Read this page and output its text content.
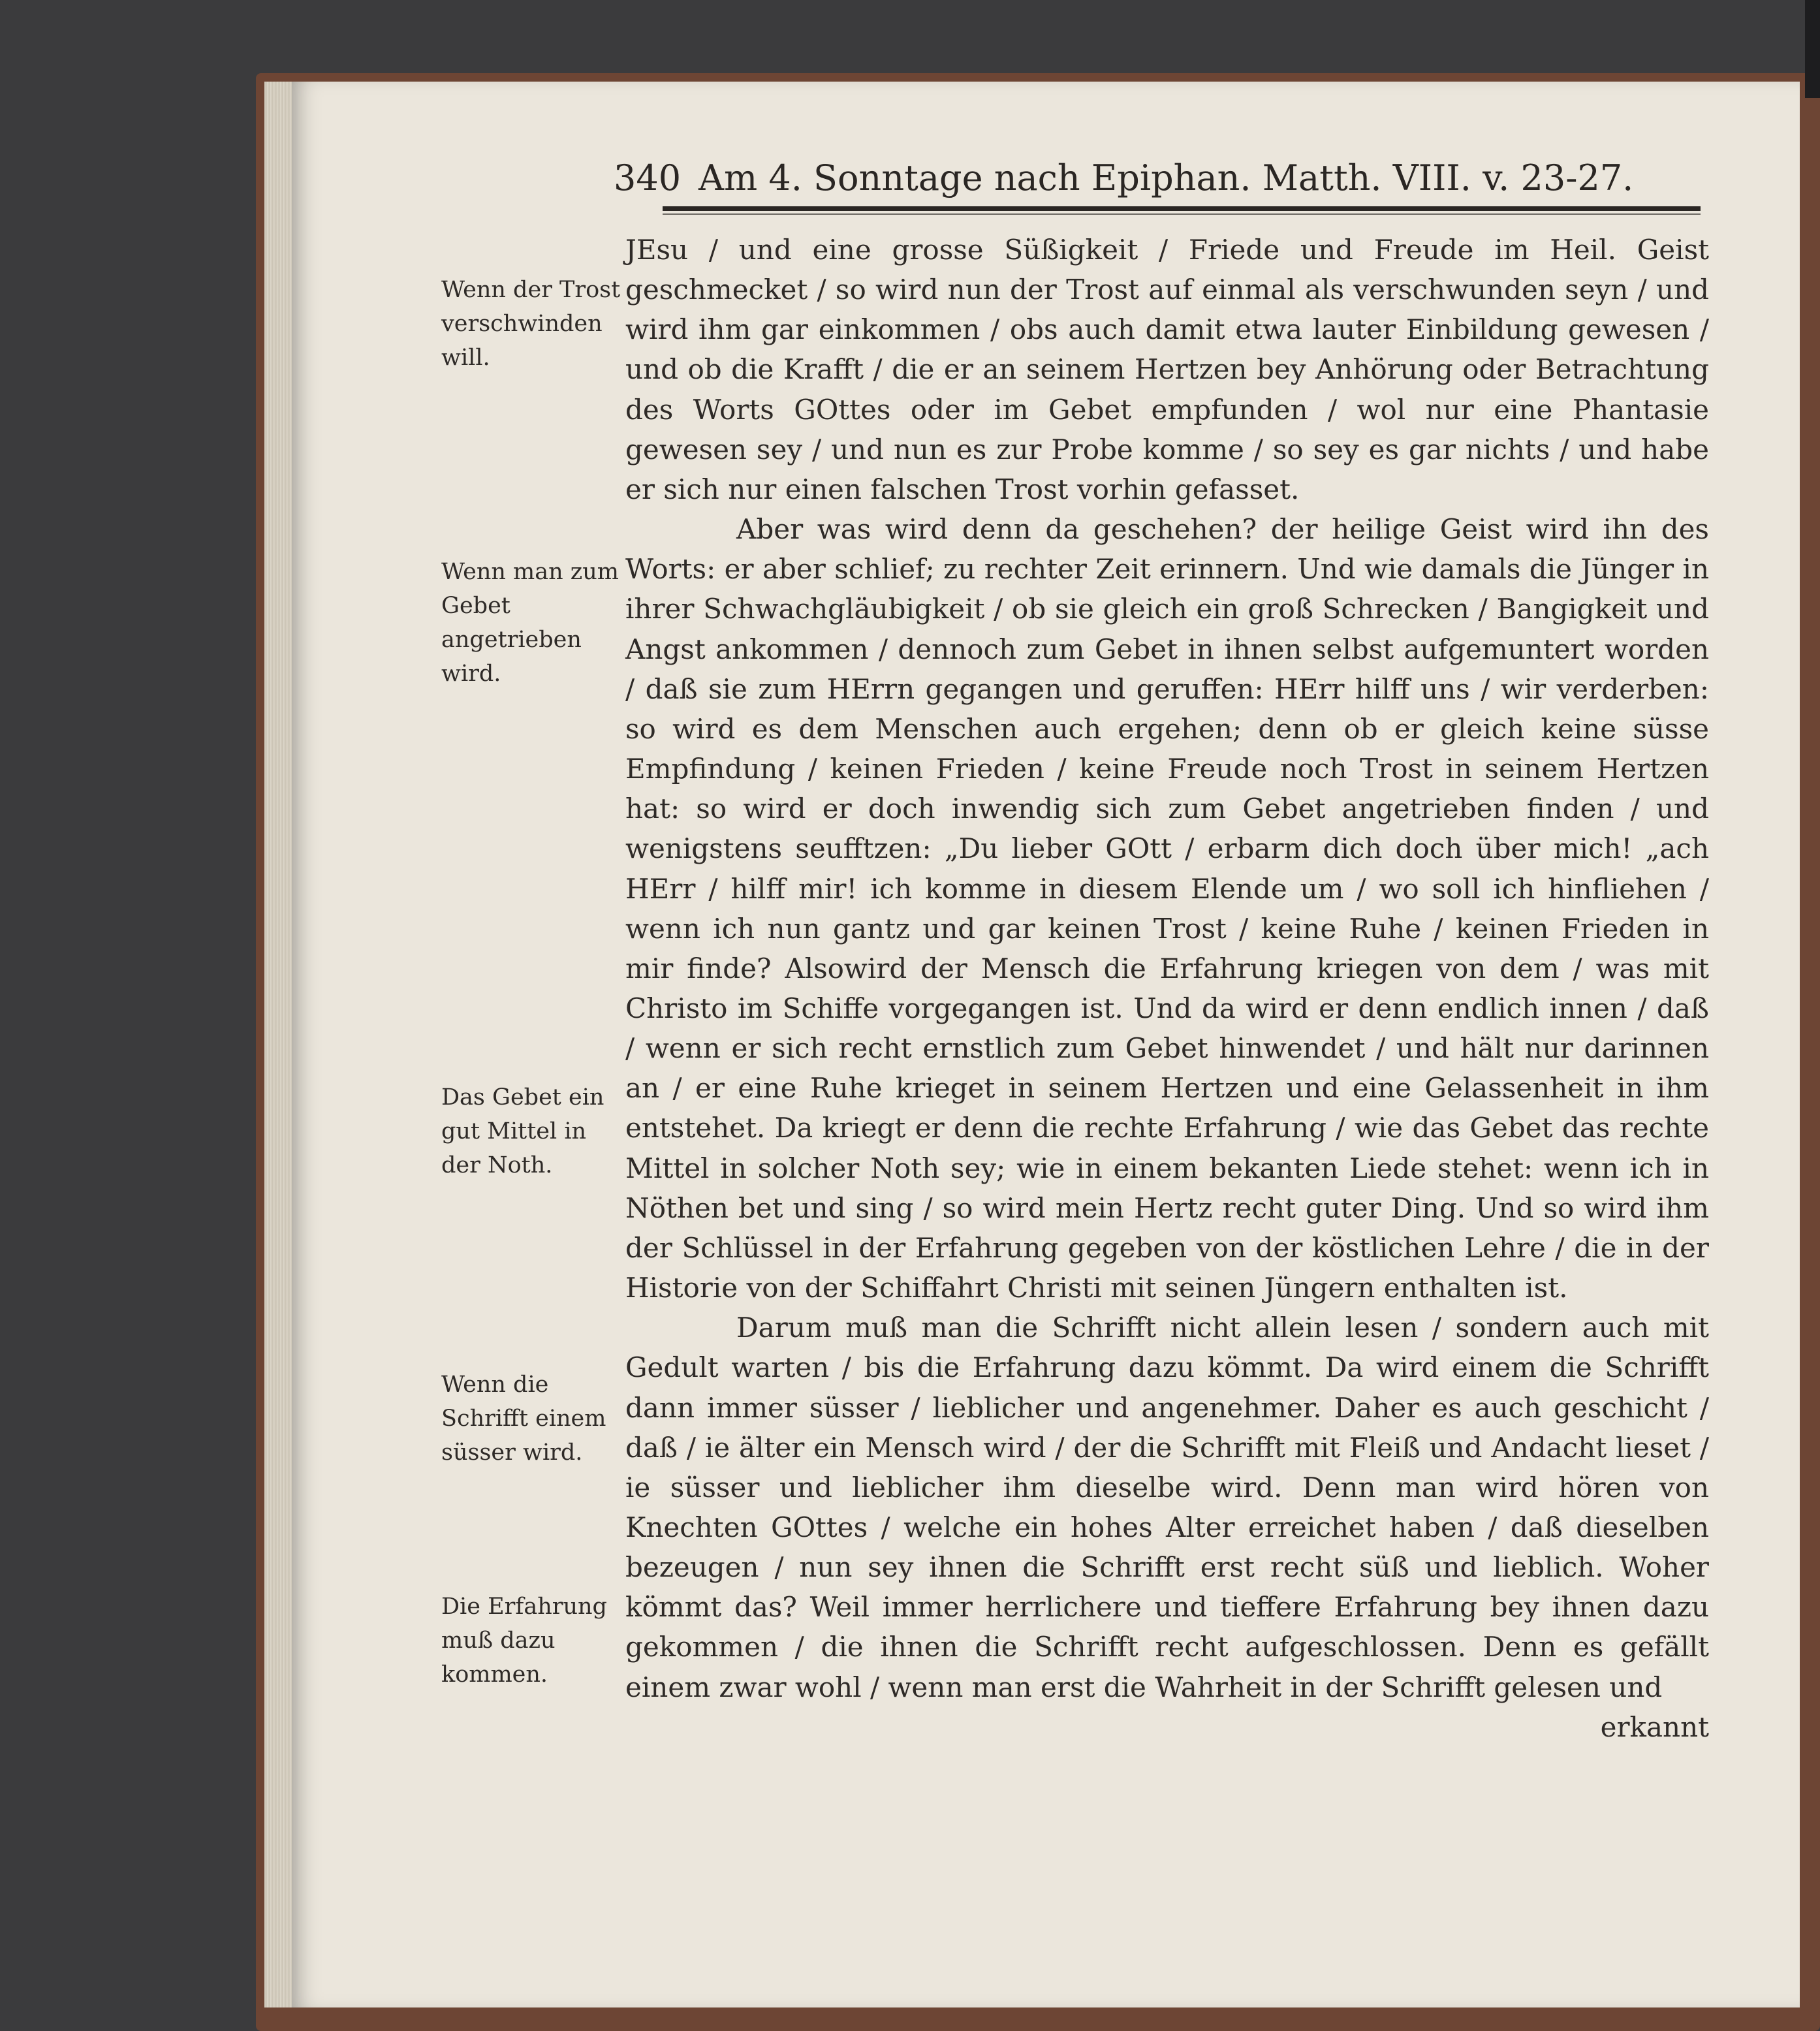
340 Am 4. Sonntage nach Epiphan. Matth. VIII. v. 23-27.
Wenn der Trost verschwinden will.
Wenn man zum Gebet angetrieben wird.
Das Gebet ein gut Mittel in der Noth.
Wenn die Schrifft einem süsser wird.
Die Erfahrung muß dazu kommen.

JEsu / und eine grosse Süßigkeit / Friede und Freude im Heil. Geist geschmecket / so wird nun der Trost auf einmal als verschwunden seyn / und wird ihm gar einkommen / obs auch damit etwa lauter Einbildung gewesen / und ob die Krafft / die er an seinem Hertzen bey Anhörung oder Betrachtung des Worts GOttes oder im Gebet empfunden / wol nur eine Phantasie gewesen sey / und nun es zur Probe komme / so sey es gar nichts / und habe er sich nur einen falschen Trost vorhin gefasset.

Aber was wird denn da geschehen? der heilige Geist wird ihn des Worts: er aber schlief; zu rechter Zeit erinnern. Und wie damals die Jünger in ihrer Schwachgläubigkeit / ob sie gleich ein groß Schrecken / Bangigkeit und Angst ankommen / dennoch zum Gebet in ihnen selbst aufgemuntert worden / daß sie zum HErrn gegangen und geruffen: HErr hilff uns / wir verderben: so wird es dem Menschen auch ergehen; denn ob er gleich keine süsse Empfindung / keinen Frieden / keine Freude noch Trost in seinem Hertzen hat: so wird er doch inwendig sich zum Gebet angetrieben finden / und wenigstens seufftzen: „Du lieber GOtt / erbarm dich doch über mich! „ach HErr / hilff mir! ich komme in diesem Elende um / wo soll ich hinfliehen / wenn ich nun gantz und gar keinen Trost / keine Ruhe / keinen Frieden in mir finde? Alsowird der Mensch die Erfahrung kriegen von dem / was mit Christo im Schiffe vorgegangen ist. Und da wird er denn endlich innen / daß / wenn er sich recht ernstlich zum Gebet hinwendet / und hält nur darinnen an / er eine Ruhe krieget in seinem Hertzen und eine Gelassenheit in ihm entstehet. Da kriegt er denn die rechte Erfahrung / wie das Gebet das rechte Mittel in solcher Noth sey; wie in einem bekanten Liede stehet: wenn ich in Nöthen bet und sing / so wird mein Hertz recht guter Ding. Und so wird ihm der Schlüssel in der Erfahrung gegeben von der köstlichen Lehre / die in der Historie von der Schiffahrt Christi mit seinen Jüngern enthalten ist.

Darum muß man die Schrifft nicht allein lesen / sondern auch mit Gedult warten / bis die Erfahrung dazu kömmt. Da wird einem die Schrifft dann immer süsser / lieblicher und angenehmer. Daher es auch geschicht / daß / ie älter ein Mensch wird / der die Schrifft mit Fleiß und Andacht lieset / ie süsser und lieblicher ihm dieselbe wird. Denn man wird hören von Knechten GOttes / welche ein hohes Alter erreichet haben / daß dieselben bezeugen / nun sey ihnen die Schrifft erst recht süß und lieblich. Woher kömmt das? Weil immer herrlichere und tieffere Erfahrung bey ihnen dazu gekommen / die ihnen die Schrifft recht aufgeschlossen. Denn es gefällt einem zwar wohl / wenn man erst die Wahrheit in der Schrifft gelesen und

erkannt
